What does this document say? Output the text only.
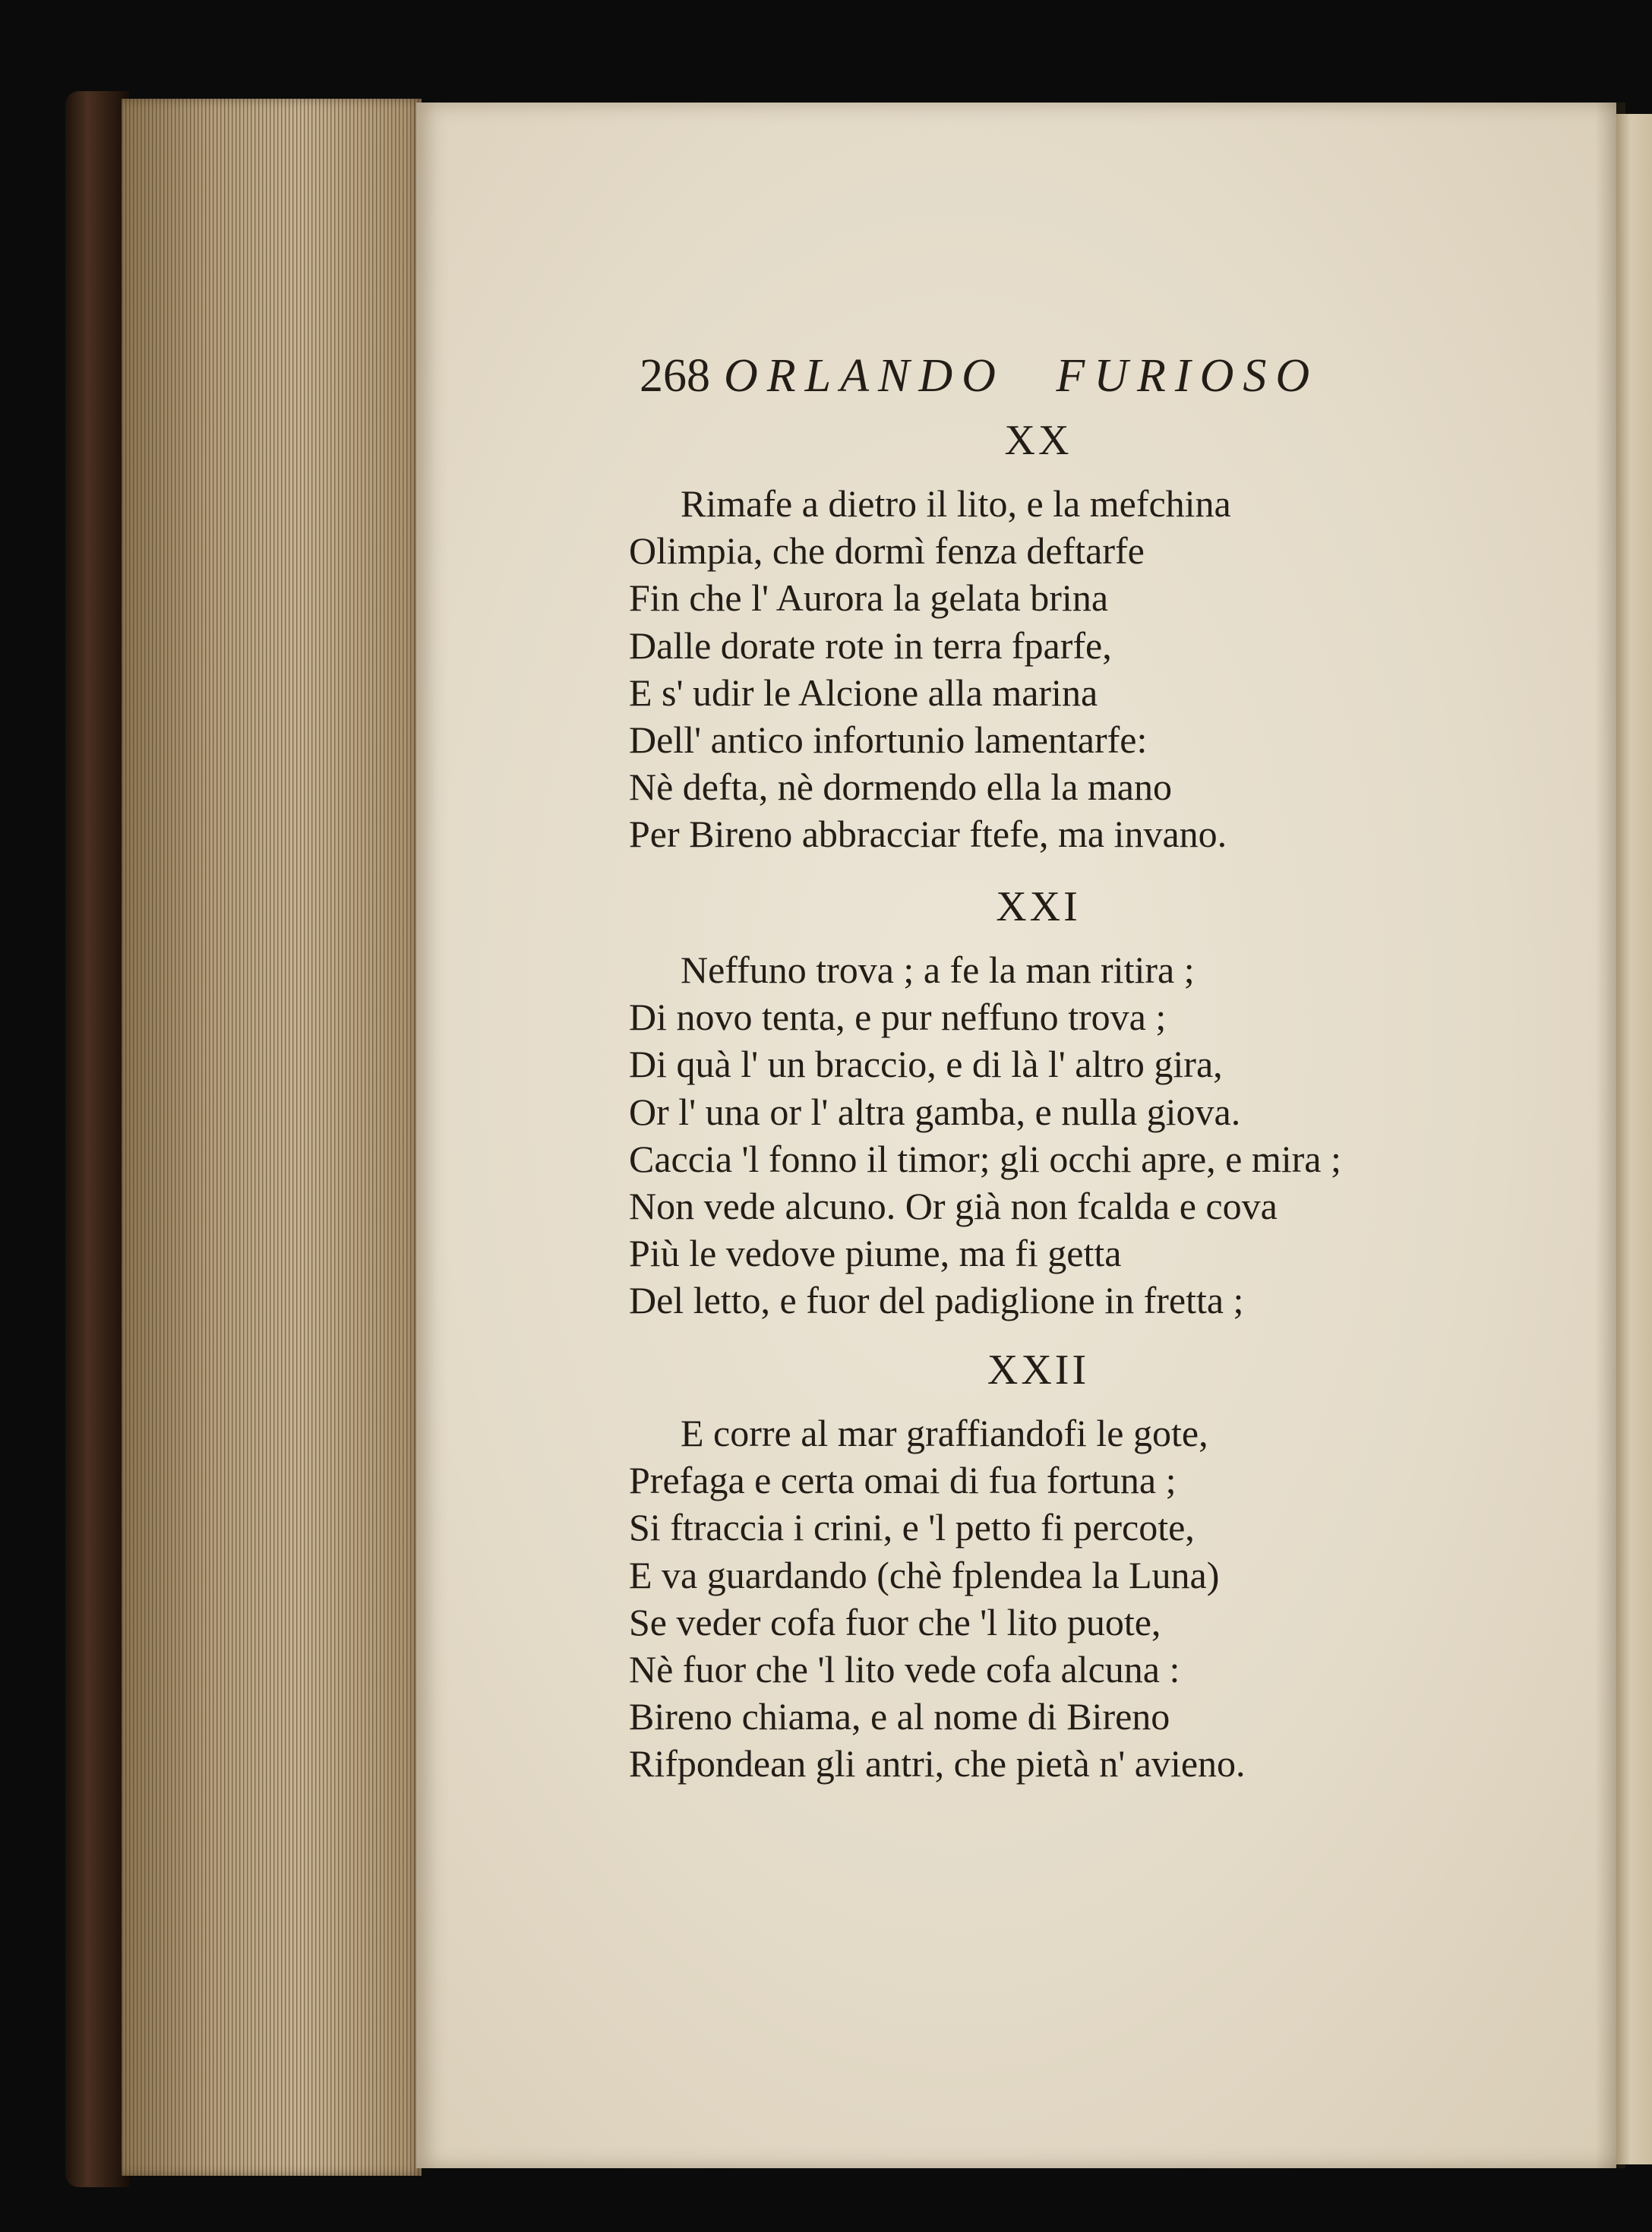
268 ORLANDO FURIOSO
XX
Rimafe a dietro il lito, e la mefchina
Olimpia, che dormì fenza deftarfe
Fin che l' Aurora la gelata brina
Dalle dorate rote in terra fparfe,
E s' udir le Alcione alla marina
Dell' antico infortunio lamentarfe:
Nè defta, nè dormendo ella la mano
Per Bireno abbracciar ftefe, ma invano.
XXI
Neffuno trova ; a fe la man ritira ;
Di novo tenta, e pur neffuno trova ;
Di quà l' un braccio, e di là l' altro gira,
Or l' una or l' altra gamba, e nulla giova.
Caccia 'l fonno il timor; gli occhi apre, e mira ;
Non vede alcuno. Or già non fcalda e cova
Più le vedove piume, ma fi getta
Del letto, e fuor del padiglione in fretta ;
XXII
E corre al mar graffiandofi le gote,
Prefaga e certa omai di fua fortuna ;
Si ftraccia i crini, e 'l petto fi percote,
E va guardando (chè fplendea la Luna)
Se veder cofa fuor che 'l lito puote,
Nè fuor che 'l lito vede cofa alcuna :
Bireno chiama, e al nome di Bireno
Rifpondean gli antri, che pietà n' avieno.
